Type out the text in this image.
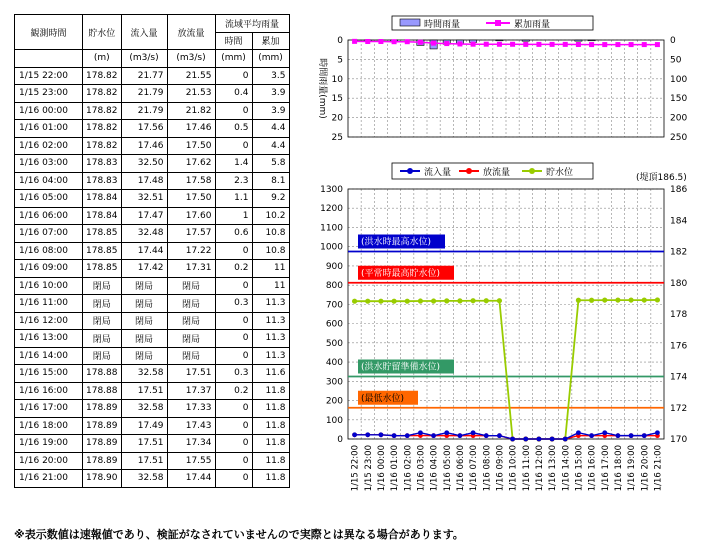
観測時間	貯水位	流入量	放流量	流域平均雨量	
				時間	累加
	(m)	(m3/s)	(m3/s)	(mm)	(mm)
1/15 22:00	178.82	21.77	21.55	0	3.5
1/15 23:00	178.82	21.79	21.53	0.4	3.9
1/16 00:00	178.82	21.79	21.82	0	3.9
1/16 01:00	178.82	17.56	17.46	0.5	4.4
1/16 02:00	178.82	17.46	17.50	0	4.4
1/16 03:00	178.83	32.50	17.62	1.4	5.8
1/16 04:00	178.83	17.48	17.58	2.3	8.1
1/16 05:00	178.84	32.51	17.50	1.1	9.2
1/16 06:00	178.84	17.47	17.60	1	10.2
1/16 07:00	178.85	32.48	17.57	0.6	10.8
1/16 08:00	178.85	17.44	17.22	0	10.8
1/16 09:00	178.85	17.42	17.31	0.2	11
1/16 10:00	閉局	閉局	閉局	0	11
1/16 11:00	閉局	閉局	閉局	0.3	11.3
1/16 12:00	閉局	閉局	閉局	0	11.3
1/16 13:00	閉局	閉局	閉局	0	11.3
1/16 14:00	閉局	閉局	閉局	0	11.3
1/16 15:00	178.88	32.58	17.51	0.3	11.6
1/16 16:00	178.88	17.51	17.37	0.2	11.8
1/16 17:00	178.89	32.58	17.33	0	11.8
1/16 18:00	178.89	17.49	17.43	0	11.8
1/16 19:00	178.89	17.51	17.34	0	11.8
1/16 20:00	178.89	17.51	17.55	0	11.8
1/16 21:00	178.90	32.58	17.44	0	11.8
時間雨量	累加雨量
0
5
10
15
20
25
0
50
100
150
200
250
時間雨量(mm)
流入量	放流量	貯水位	(堤頂186.5)
0
100
200
300
400
500
600
700
800
900
1000
1100
1200
1300
170
172
174
176
178
180
182
184
186
(洪水時最高水位)
(平常時最高貯水位)
(洪水貯留準備水位)
(最低水位)
1/15 22:00 1/15 23:00 1/16 00:00 1/16 01:00 1/16 02:00 1/16 03:00 1/16 04:00 1/16 05:00 1/16 06:00 1/16 07:00 1/16 08:00 1/16 09:00 1/16 10:00 1/16 11:00 1/16 12:00 1/16 13:00 1/16 14:00 1/16 15:00 1/16 16:00 1/16 17:00 1/16 18:00 1/16 19:00 1/16 20:00 1/16 21:00
※表示数値は速報値であり、検証がなされていませんので実際とは異なる場合があります。
